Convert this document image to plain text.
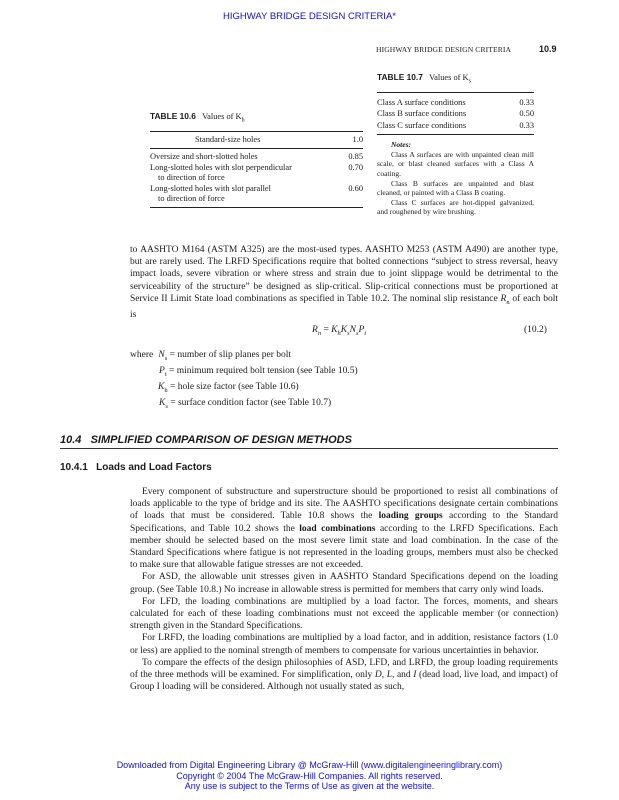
HIGHWAY BRIDGE DESIGN CRITERIA*
HIGHWAY BRIDGE DESIGN CRITERIA	10.9
TABLE 10.6 Values of $K_h$
Standard-size holes	1.0
Oversize and short-slotted holes	0.85
Long-slotted holes with slot perpendicular	0.70
to direction of force
Long-slotted holes with slot parallel	0.60
to direction of force
TABLE 10.7 Values of $K_s$
Class A surface conditions	0.33
Class B surface conditions	0.50
Class C surface conditions	0.33
Notes:
Class A surfaces are with unpainted clean mill scale, or blast cleaned surfaces with a Class A coating.
Class B surfaces are unpainted and blast cleaned, or painted with a Class B coating.
Class C surfaces are hot-dipped galvanized, and roughened by wire brushing.

to AASHTO M164 (ASTM A325) are the most-used types. AASHTO M253 (ASTM A490) are another type, but are rarely used. The LRFD Specifications require that bolted connections “subject to stress reversal, heavy impact loads, severe vibration or where stress and strain due to joint slippage would be detrimental to the serviceability of the structure” be designed as slip-critical. Slip-critical connections must be proportioned at Service II Limit State load combinations as specified in Table 10.2. The nominal slip resistance $R_n$ of each bolt is

$R_n = K_hK_sN_sP_t$	(10.2)
where $N_s$ = number of slip planes per bolt
$P_t$ = minimum required bolt tension (see Table 10.5)
$K_h$ = hole size factor (see Table 10.6)
$K_s$ = surface condition factor (see Table 10.7)
10.4   SIMPLIFIED COMPARISON OF DESIGN METHODS
10.4.1   Loads and Load Factors

Every component of substructure and superstructure should be proportioned to resist all combinations of loads applicable to the type of bridge and its site. The AASHTO specifications designate certain combinations of loads that must be considered. Table 10.8 shows the loading groups according to the Standard Specifications, and Table 10.2 shows the load combinations according to the LRFD Specifications. Each member should be selected based on the most severe limit state and load combination. In the case of the Standard Specifications where fatigue is not represented in the loading groups, members must also be checked to make sure that allowable fatigue stresses are not exceeded.

For ASD, the allowable unit stresses given in AASHTO Standard Specifications depend on the loading group. (See Table 10.8.) No increase in allowable stress is permitted for members that carry only wind loads.

For LFD, the loading combinations are multiplied by a load factor. The forces, moments, and shears calculated for each of these loading combinations must not exceed the applicable member (or connection) strength given in the Standard Specifications.

For LRFD, the loading combinations are multiplied by a load factor, and in addition, resistance factors (1.0 or less) are applied to the nominal strength of members to compensate for various uncertainties in behavior.

To compare the effects of the design philosophies of ASD, LFD, and LRFD, the group loading requirements of the three methods will be examined. For simplification, only D, L, and I (dead load, live load, and impact) of Group I loading will be considered. Although not usually stated as such,

Downloaded from Digital Engineering Library @ McGraw-Hill (www.digitalengineeringlibrary.com)
Copyright © 2004 The McGraw-Hill Companies. All rights reserved.
Any use is subject to the Terms of Use as given at the website.
